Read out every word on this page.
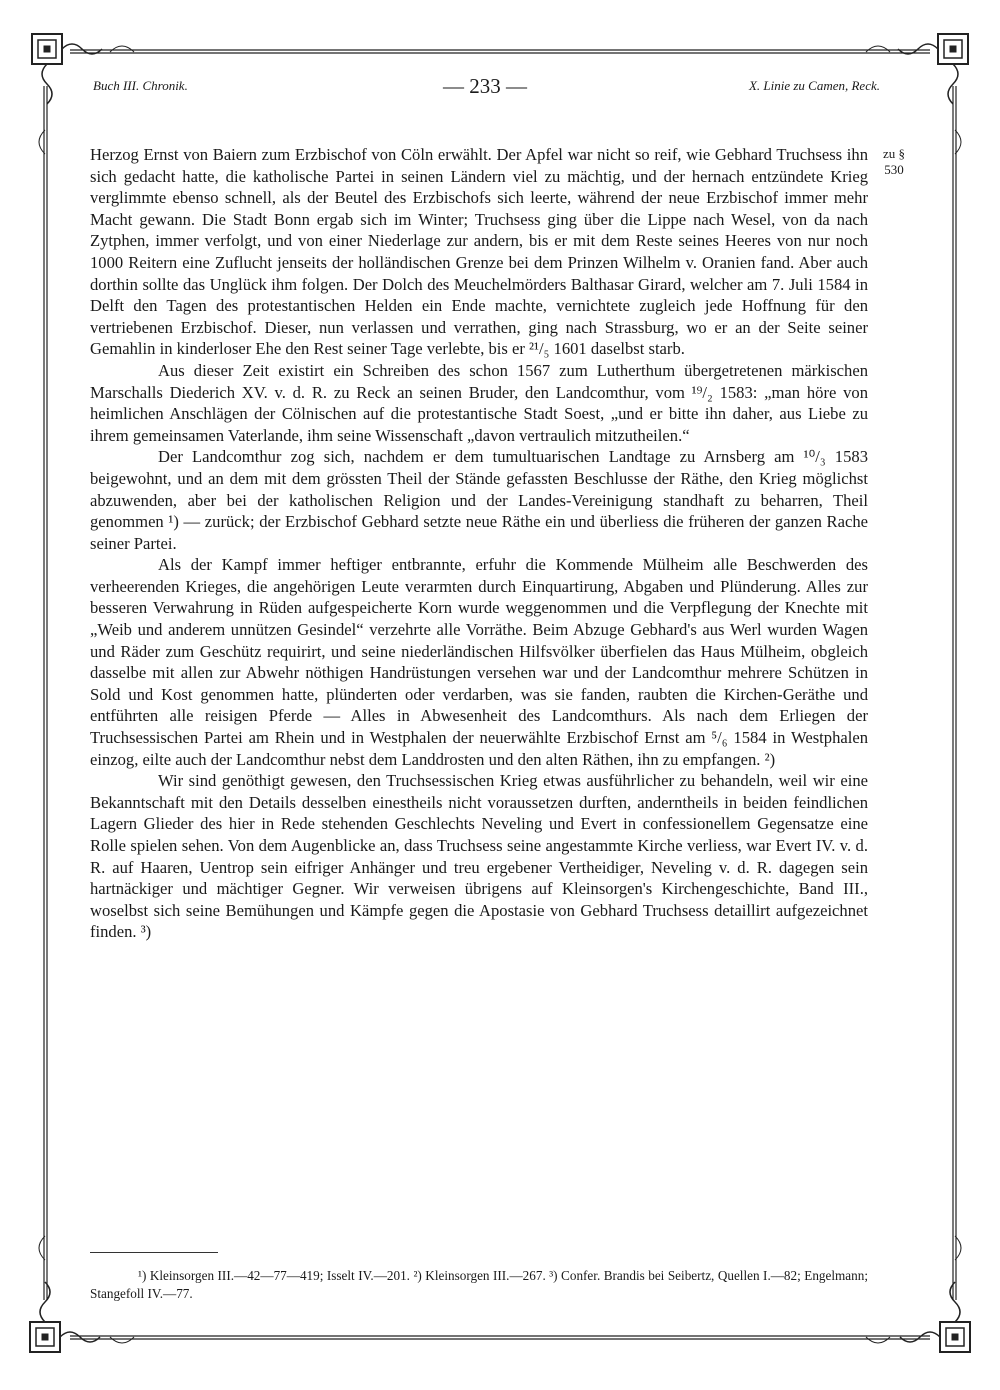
Buch III. Chronik.	— 233 —	X. Linie zu Camen, Reck.
zu § 530

Herzog Ernst von Baiern zum Erzbischof von Cöln erwählt. Der Apfel war nicht so reif, wie Gebhard Truchsess ihn sich gedacht hatte, die katholische Partei in seinen Ländern viel zu mächtig, und der hernach entzündete Krieg verglimmte ebenso schnell, als der Beutel des Erzbischofs sich leerte, während der neue Erzbischof immer mehr Macht gewann. Die Stadt Bonn ergab sich im Winter; Truchsess ging über die Lippe nach Wesel, von da nach Zytphen, immer verfolgt, und von einer Niederlage zur andern, bis er mit dem Reste seines Heeres von nur noch 1000 Reitern eine Zuflucht jenseits der holländischen Grenze bei dem Prinzen Wilhelm v. Oranien fand. Aber auch dorthin sollte das Unglück ihm folgen. Der Dolch des Meuchelmörders Balthasar Girard, welcher am 7. Juli 1584 in Delft den Tagen des protestantischen Helden ein Ende machte, vernichtete zugleich jede Hoffnung für den vertriebenen Erzbischof. Dieser, nun verlassen und verrathen, ging nach Strassburg, wo er an der Seite seiner Gemahlin in kinderloser Ehe den Rest seiner Tage verlebte, bis er ²¹/₅ 1601 daselbst starb.

Aus dieser Zeit existirt ein Schreiben des schon 1567 zum Lutherthum übergetretenen märkischen Marschalls Diederich XV. v. d. R. zu Reck an seinen Bruder, den Landcomthur, vom ¹⁹/₂ 1583: „man höre von heimlichen Anschlägen der Cölnischen auf die protestantische Stadt Soest, „und er bitte ihn daher, aus Liebe zu ihrem gemeinsamen Vaterlande, ihm seine Wissenschaft „davon vertraulich mitzutheilen.“

Der Landcomthur zog sich, nachdem er dem tumultuarischen Landtage zu Arnsberg am ¹⁰/₃ 1583 beigewohnt, und an dem mit dem grössten Theil der Stände gefassten Beschlusse der Räthe, den Krieg möglichst abzuwenden, aber bei der katholischen Religion und der Landes-Vereinigung standhaft zu beharren, Theil genommen ¹) — zurück; der Erzbischof Gebhard setzte neue Räthe ein und überliess die früheren der ganzen Rache seiner Partei.

Als der Kampf immer heftiger entbrannte, erfuhr die Kommende Mülheim alle Beschwerden des verheerenden Krieges, die angehörigen Leute verarmten durch Einquartirung, Abgaben und Plünderung. Alles zur besseren Verwahrung in Rüden aufgespeicherte Korn wurde weggenommen und die Verpflegung der Knechte mit „Weib und anderem unnützen Gesindel“ verzehrte alle Vorräthe. Beim Abzuge Gebhard's aus Werl wurden Wagen und Räder zum Geschütz requirirt, und seine niederländischen Hilfsvölker überfielen das Haus Mülheim, obgleich dasselbe mit allen zur Abwehr nöthigen Handrüstungen versehen war und der Landcomthur mehrere Schützen in Sold und Kost genommen hatte, plünderten oder verdarben, was sie fanden, raubten die Kirchen-Geräthe und entführten alle reisigen Pferde — Alles in Abwesenheit des Landcomthurs. Als nach dem Erliegen der Truchsessischen Partei am Rhein und in Westphalen der neuerwählte Erzbischof Ernst am ⁵/₆ 1584 in Westphalen einzog, eilte auch der Landcomthur nebst dem Landdrosten und den alten Räthen, ihn zu empfangen. ²)

Wir sind genöthigt gewesen, den Truchsessischen Krieg etwas ausführlicher zu behandeln, weil wir eine Bekanntschaft mit den Details desselben einestheils nicht voraussetzen durften, anderntheils in beiden feindlichen Lagern Glieder des hier in Rede stehenden Geschlechts Neveling und Evert in confessionellem Gegensatze eine Rolle spielen sehen. Von dem Augenblicke an, dass Truchsess seine angestammte Kirche verliess, war Evert IV. v. d. R. auf Haaren, Uentrop sein eifriger Anhänger und treu ergebener Vertheidiger, Neveling v. d. R. dagegen sein hartnäckiger und mächtiger Gegner. Wir verweisen übrigens auf Kleinsorgen's Kirchengeschichte, Band III., woselbst sich seine Bemühungen und Kämpfe gegen die Apostasie von Gebhard Truchsess detaillirt aufgezeichnet finden. ³)

¹) Kleinsorgen III.—42—77—419; Isselt IV.—201. ²) Kleinsorgen III.—267. ³) Confer. Brandis bei Seibertz, Quellen I.—82; Engelmann; Stangefoll IV.—77.
